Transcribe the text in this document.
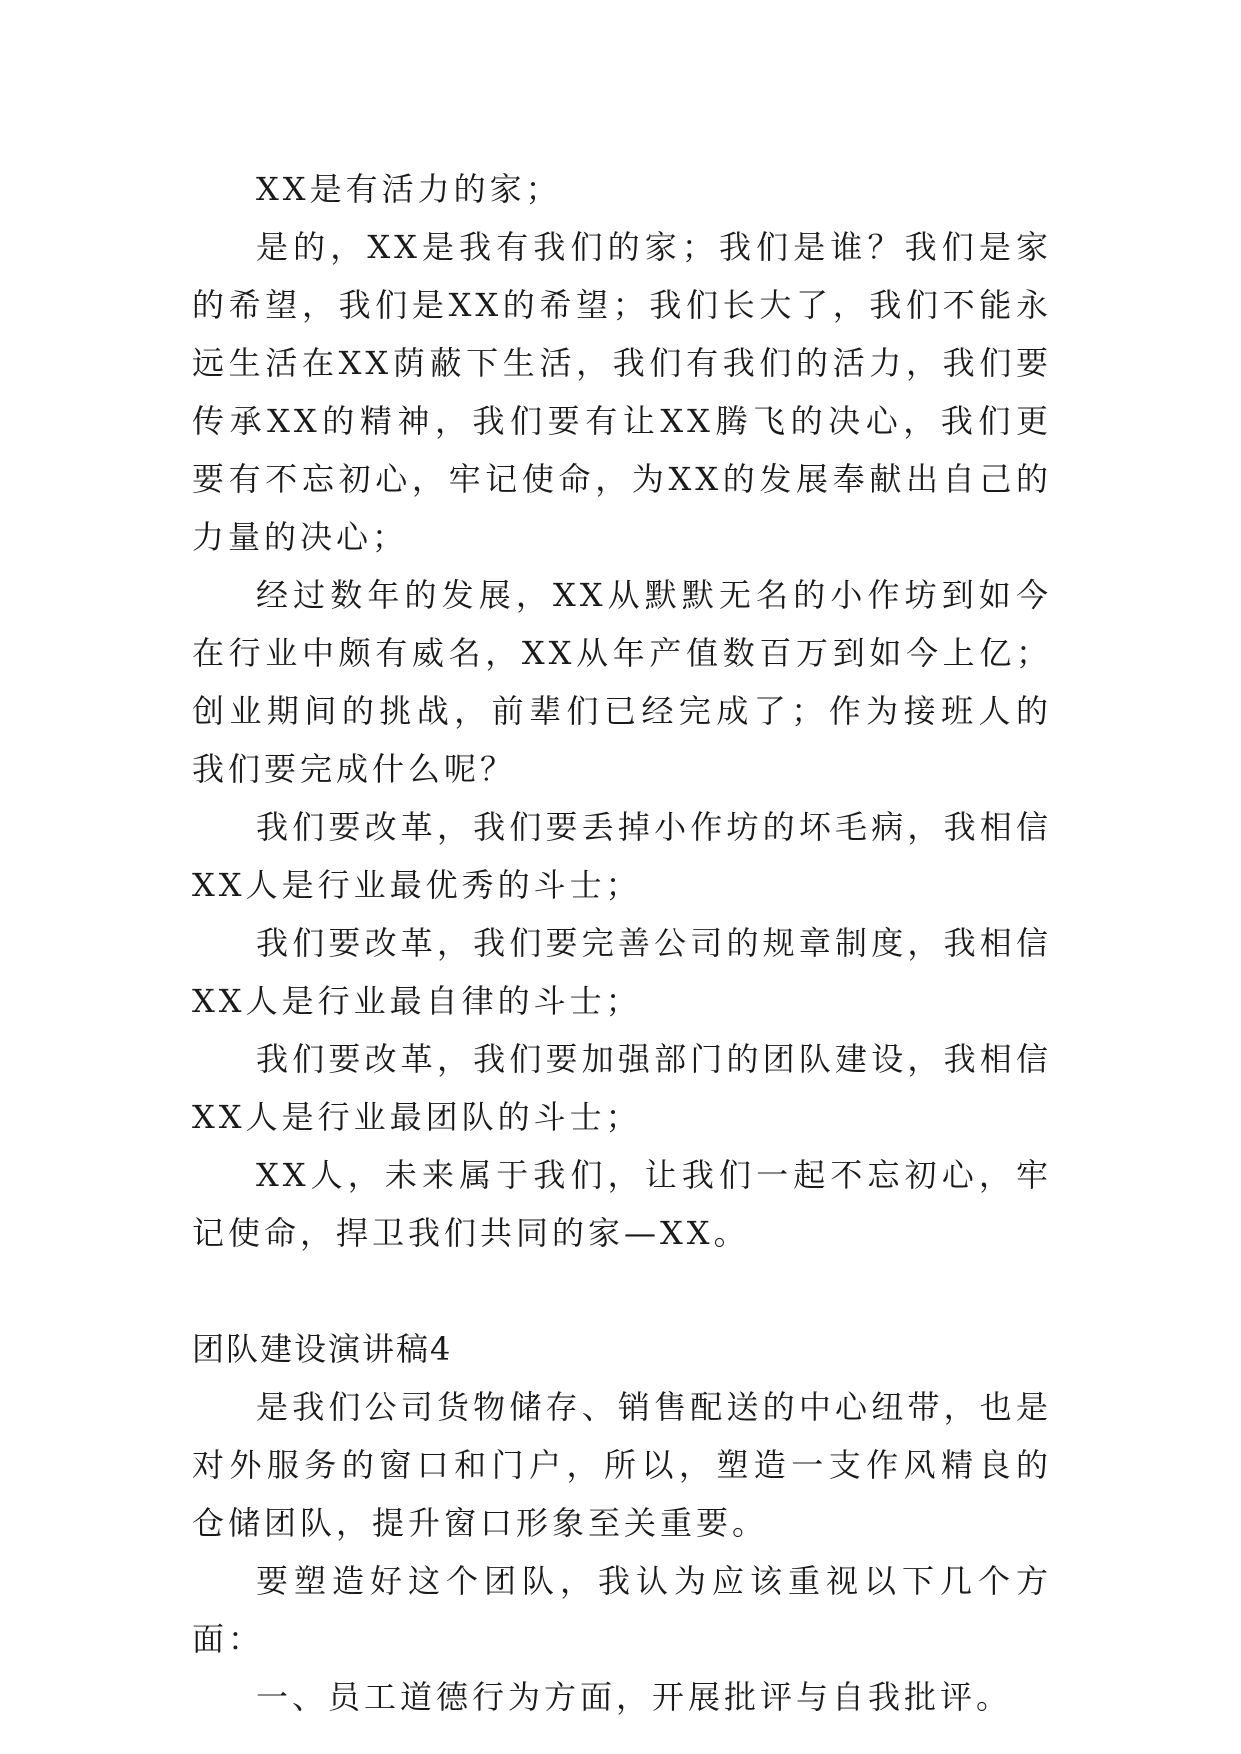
XX是有活力的家；

是的，XX是我有我们的家；我们是谁？我们是家的希望，我们是XX的希望；我们长大了，我们不能永远生活在XX荫蔽下生活，我们有我们的活力，我们要传承XX的精神，我们要有让XX腾飞的决心，我们更要有不忘初心，牢记使命，为XX的发展奉献出自己的力量的决心；

经过数年的发展，XX从默默无名的小作坊到如今在行业中颇有威名，XX从年产值数百万到如今上亿；创业期间的挑战，前辈们已经完成了；作为接班人的我们要完成什么呢？

我们要改革，我们要丢掉小作坊的坏毛病，我相信XX人是行业最优秀的斗士；

我们要改革，我们要完善公司的规章制度，我相信XX人是行业最自律的斗士；

我们要改革，我们要加强部门的团队建设，我相信XX人是行业最团队的斗士；

XX人，未来属于我们，让我们一起不忘初心，牢记使命，捍卫我们共同的家—XX。

团队建设演讲稿4

是我们公司货物储存、销售配送的中心纽带，也是对外服务的窗口和门户，所以，塑造一支作风精良的仓储团队，提升窗口形象至关重要。

要塑造好这个团队，我认为应该重视以下几个方面：

一、员工道德行为方面，开展批评与自我批评。
